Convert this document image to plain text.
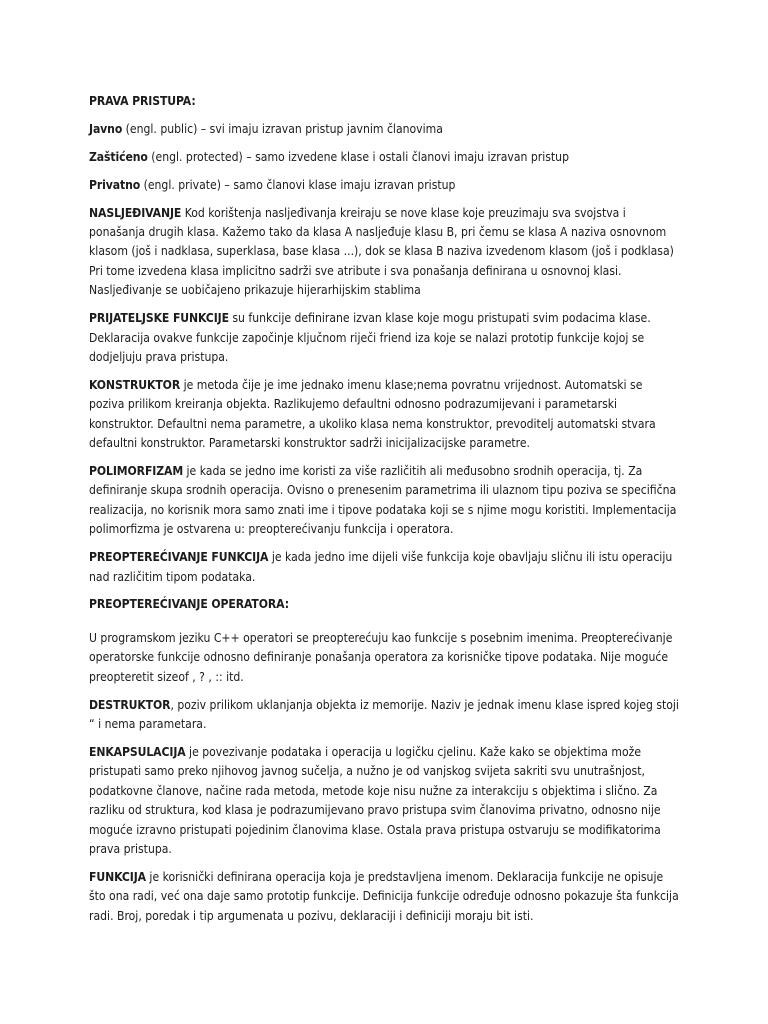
PRAVA PRISTUPA:

Javno (engl. public) – svi imaju izravan pristup javnim članovima

Zaštićeno (engl. protected) – samo izvedene klase i ostali članovi imaju izravan pristup

Privatno (engl. private) – samo članovi klase imaju izravan pristup

NASLJEĐIVANJE Kod korištenja nasljeđivanja kreiraju se nove klase koje preuzimaju sva svojstva i ponašanja drugih klasa. Kažemo tako da klasa A nasljeđuje klasu B, pri čemu se klasa A naziva osnovnom klasom (još i nadklasa, superklasa, base klasa ...), dok se klasa B naziva izvedenom klasom (još i podklasa) Pri tome izvedena klasa implicitno sadrži sve atribute i sva ponašanja definirana u osnovnoj klasi. Nasljeđivanje se uobičajeno prikazuje hijerarhijskim stablima

PRIJATELJSKE FUNKCIJE su funkcije definirane izvan klase koje mogu pristupati svim podacima klase. Deklaracija ovakve funkcije započinje ključnom riječi friend iza koje se nalazi prototip funkcije kojoj se dodjeljuju prava pristupa.

KONSTRUKTOR je metoda čije je ime jednako imenu klase;nema povratnu vrijednost. Automatski se poziva prilikom kreiranja objekta. Razlikujemo defaultni odnosno podrazumijevani i parametarski konstruktor. Defaultni nema parametre, a ukoliko klasa nema konstruktor, prevoditelj automatski stvara defaultni konstruktor. Parametarski konstruktor sadrži inicijalizacijske parametre.

POLIMORFIZAM je kada se jedno ime koristi za više različitih ali međusobno srodnih operacija, tj. Za definiranje skupa srodnih operacija. Ovisno o prenesenim parametrima ili ulaznom tipu poziva se specifična realizacija, no korisnik mora samo znati ime i tipove podataka koji se s njime mogu koristiti. Implementacija polimorfizma je ostvarena u: preopterećivanju funkcija i operatora.

PREOPTEREĆIVANJE FUNKCIJA je kada jedno ime dijeli više funkcija koje obavljaju sličnu ili istu operaciju nad različitim tipom podataka.

PREOPTEREĆIVANJE OPERATORA:

U programskom jeziku C++ operatori se preopterećuju kao funkcije s posebnim imenima. Preopterećivanje operatorske funkcije odnosno definiranje ponašanja operatora za korisničke tipove podataka. Nije moguće preopteretit sizeof , ? , :: itd.

DESTRUKTOR, poziv prilikom uklanjanja objekta iz memorije. Naziv je jednak imenu klase ispred kojeg stoji “ i nema parametara.

ENKAPSULACIJA je povezivanje podataka i operacija u logičku cjelinu. Kaže kako se objektima može pristupati samo preko njihovog javnog sučelja, a nužno je od vanjskog svijeta sakriti svu unutrašnjost, podatkovne članove, načine rada metoda, metode koje nisu nužne za interakciju s objektima i slično. Za razliku od struktura, kod klasa je podrazumijevano pravo pristupa svim članovima privatno, odnosno nije moguće izravno pristupati pojedinim članovima klase. Ostala prava pristupa ostvaruju se modifikatorima prava pristupa.

FUNKCIJA je korisnički definirana operacija koja je predstavljena imenom. Deklaracija funkcije ne opisuje što ona radi, već ona daje samo prototip funkcije. Definicija funkcije određuje odnosno pokazuje šta funkcija radi. Broj, poredak i tip argumenata u pozivu, deklaraciji i definiciji moraju bit isti.
